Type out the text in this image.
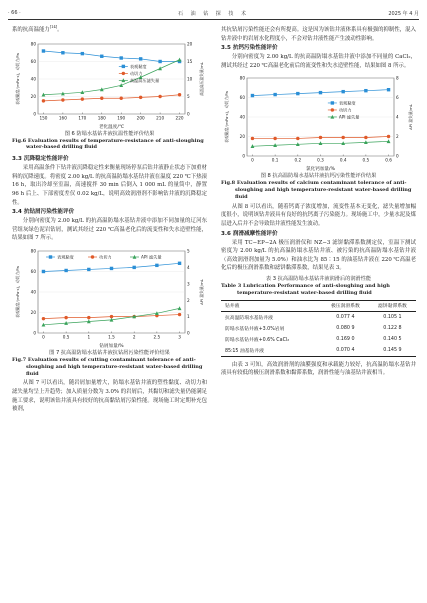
· 66 ·	石 油 钻 探 技 术	2025 年 4 月

系的抗高温能力[14]。

0
20
40
60
80
0
5
10
15
20
150	160	170	180	190	200	210	220
老化温度/℃
表观黏度/(mPa·s)，动切力/Pa	高温高压滤失量/mL
表观黏度
动切力
高温高压滤失量

图 6 防塌水基钻井液抗温性能评价结果

Fig.6 Evaluation results of temperature-resistance of anti-sloughing water-based drilling fluid

3.3 沉降稳定性能评价

采用高温条件下钻井液沉降稳定性来衡量现场停泵后钻井液静止状态下加重材料的沉降速度。将密度 2.00 kg/L 的抗高温防塌水基钻井液在温度 220 ℃下热滚 16 h，取出冷却至室温，高速搅拌 30 min 后倒入 1 000 mL 的量筒中，静置 96 h 后上、下部密度差仅 0.02 kg/L，说明高效润滑剂不影响钻井液的沉降稳定性。

3.4 抗钻屑污染性能评价

分别向密度为 2.00 kg/L 的抗高温防塌水基钻井液中添加不同加量的辽河东营组灰绿色泥岩钻屑，测试其经过 220 ℃高温老化后的流变性和失水造壁性能，结果如图 7 所示。

0
20
40
60
80
0
1
2
3
4
5
0	0.5	1	1.5	2	2.5	3
钻屑加量/%
表观黏度/(mPa·s)，动切力/Pa	API 滤失量/mL
表观黏度	动切力	API 滤失量

图 7 抗高温防塌水基钻井液抗钻屑污染性能评价结果

Fig.7 Evaluation results of cutting contaminant tolerance of anti-sloughing and high temperature-resistant water-based drilling fluid

从图 7 可以看出，随岩屑加量增大，防塌水基钻井液的塑性黏度、动切力和滤失量均呈上升趋势；加入质量分数为 3.0% 的岩屑后，其黏切和滤失量仍能满足施工要求，说明该钻井液具有较好的抗高黏钻屑污染性能。现场施工时定期补充包被剂，

其抗钻屑污染性能还会有所提高。这是因为该钻井液体系具有极强的抑制性，混入钻井液中的岩屑水化程度小，不会对钻井液性能产生波动性影响。

3.5 抗钙污染性能评价

分别向密度为 2.00 kg/L 的抗高温防塌水基钻井液中添加不同量的 CaCl₂，测试其经过 220 ℃高温老化前后的流变性和失水造壁性能，结果如图 8 所示。

0
20
40
60
80
0
2
4
6
8
0	0.1	0.2	0.3	0.4	0.5	0.6
氯化钙加量/%
表观黏度/(mPa·s)，动切力/Pa	API 滤失量/mL
表观黏度
动切力
API 滤失量

图 8 抗高温防塌水基钻井液抗钙污染性能评价结果

Fig.8 Evaluation results of calcium contaminant tolerance of anti-sloughing and high temperature-resistant water-based drilling fluid

从图 8 可以看出，随着钙离子浓度增加，流变性基本无变化，滤失量增加幅度很小，说明该钻井液具有良好的抗钙离子污染能力。现场施工中，少量水泥及煤层进入后并不会导致钻井液性能发生波动。

3.6 润滑减摩性能评价

采用 TC−EP−2A 极压润滑仪和 NZ−3 滤饼黏滞系数测定仪，室温下测试密度为 2.00 kg/L 的抗高温防塌水基钻井液、被污染的抗高温防塌水基钻井液（高效润滑剂加量为 5.0%）和油水比为 85∶15 的油基钻井液在 220 ℃高温老化后的极压润滑系数和滤饼黏滞系数，结果见表 3。

表 3 抗高温防塌水基钻井液润滑后的润滑性能

Table 3 Lubrication Performance of anti-sloughing and high temperature-resistant water-based drilling fluid

钻井液	极压润滑系数	滤饼黏滞系数
抗高温防塌水基钻井液	0.077 4	0.105 1
防塌水基钻井液+3.0%岩屑	0.080 9	0.122 8
防塌水基钻井液+0.6% CaCl₂	0.169 0	0.140 5
85∶15 油基钻井液	0.070 4	0.145 9

由表 3 可知，高效润滑剂的油膜强度和承载能力较好，抗高温防塌水基钻井液具有较低的极压润滑系数和黏滞系数，润滑性能与油基钻井液相当。
